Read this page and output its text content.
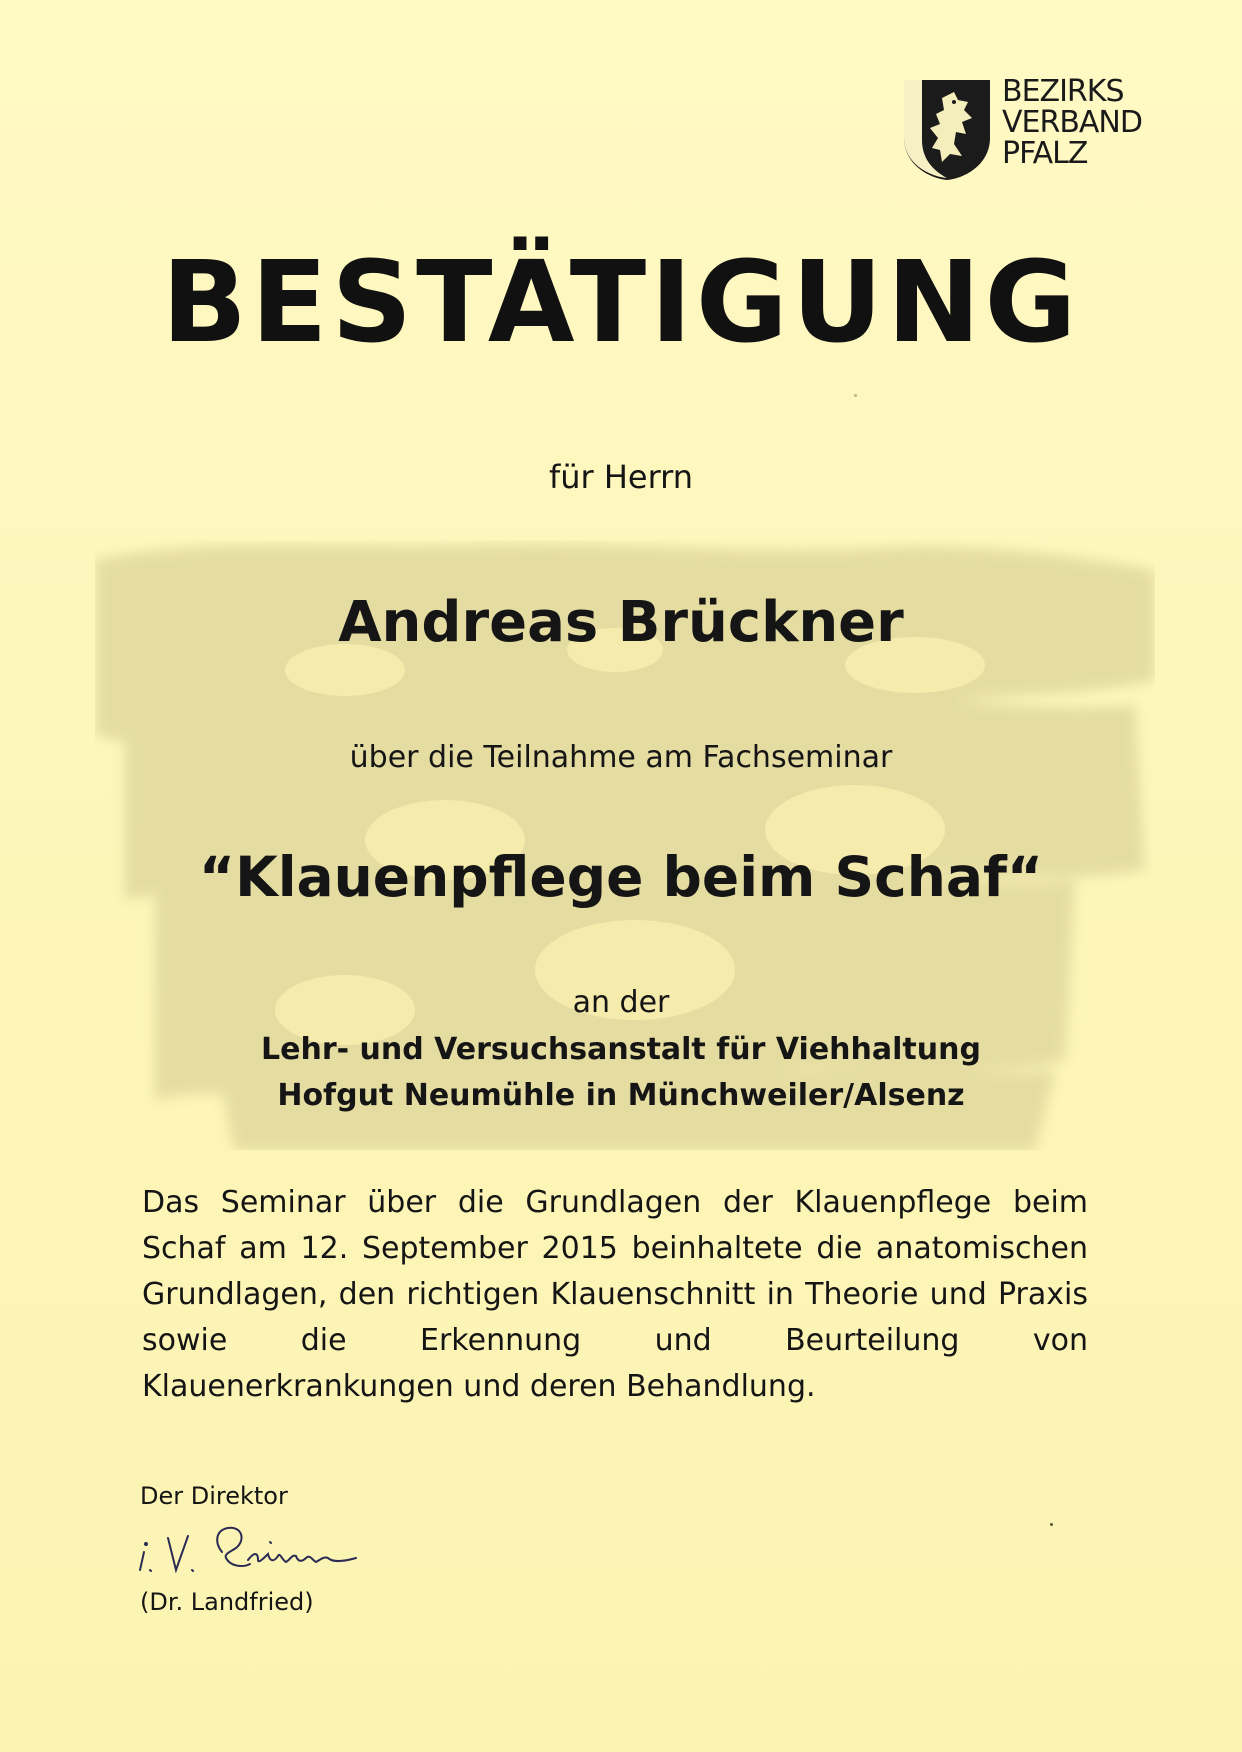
BEZIRKS
VERBAND
PFALZ
BESTÄTIGUNG
für Herrn
Andreas Brückner
über die Teilnahme am Fachseminar
“Klauenpflege beim Schaf“
an der
Lehr- und Versuchsanstalt für Viehhaltung
Hofgut Neumühle in Münchweiler/Alsenz
Das Seminar über die Grundlagen der Klauenpflege beim Schaf am 12. September 2015 beinhaltete die anatomischen Grundlagen, den richtigen Klauenschnitt in Theorie und Praxis sowie die Erkennung und Beurteilung von Klauenerkrankungen und deren Behandlung.
Der Direktor
(Dr. Landfried)
